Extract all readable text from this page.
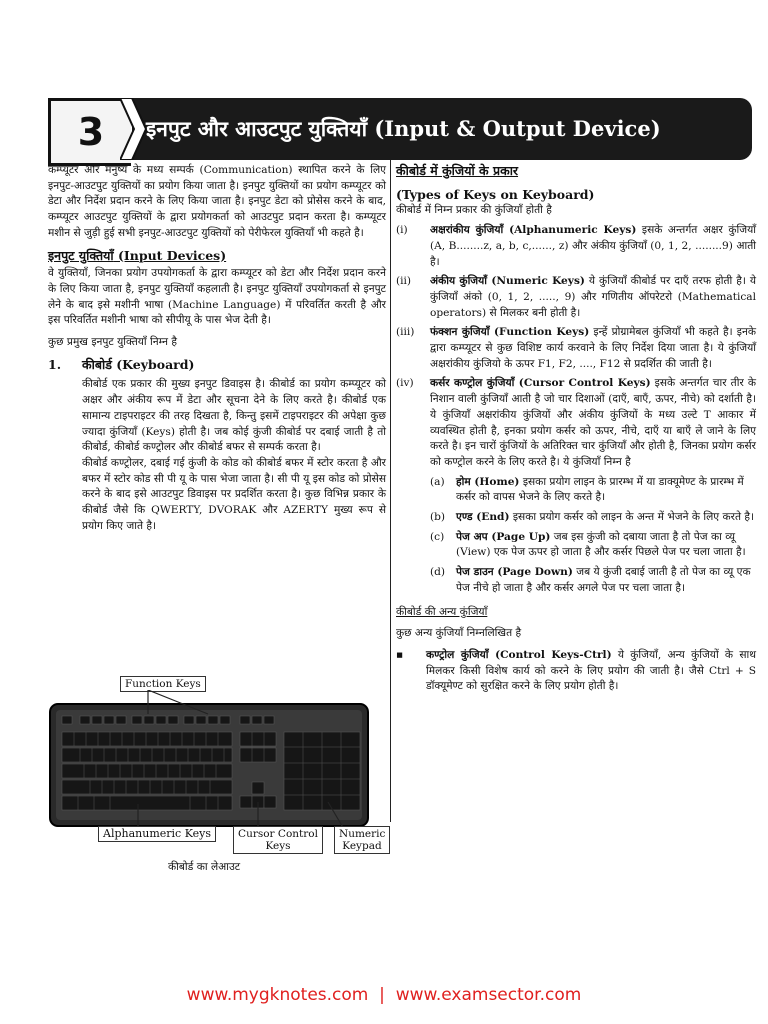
3	इनपुट और आउटपुट युक्तियाँ (Input & Output Device)

कम्प्यूटर और मनुष्य के मध्य सम्पर्क (Communication) स्थापित करने के लिए इनपुट-आउटपुट युक्तियों का प्रयोग किया जाता है। इनपुट युक्तियों का प्रयोग कम्प्यूटर को डेटा और निर्देश प्रदान करने के लिए किया जाता है। इनपुट डेटा को प्रोसेस करने के बाद, कम्प्यूटर आउटपुट युक्तियों के द्वारा प्रयोगकर्ता को आउटपुट प्रदान करता है। कम्प्यूटर मशीन से जुड़ी हुई सभी इनपुट-आउटपुट युक्तियों को पेरीफेरल युक्तियाँ भी कहते है।

इनपुट युक्तियाँ (Input Devices)

वे युक्तियाँ, जिनका प्रयोग उपयोगकर्ता के द्वारा कम्प्यूटर को डेटा और निर्देश प्रदान करने के लिए किया जाता है, इनपुट युक्तियाँ कहलाती है। इनपुट युक्तियाँ उपयोगकर्ता से इनपुट लेने के बाद इसे मशीनी भाषा (Machine Language) में परिवर्तित करती है और इस परिवर्तित मशीनी भाषा को सीपीयू के पास भेज देती है।

कुछ प्रमुख इनपुट युक्तियाँ निम्न है

1.	कीबोर्ड (Keyboard)

कीबोर्ड एक प्रकार की मुख्य इनपुट डिवाइस है। कीबोर्ड का प्रयोग कम्प्यूटर को अक्षर और अंकीय रूप में डेटा और सूचना देने के लिए करते है। कीबोर्ड एक सामान्य टाइपराइटर की तरह दिखता है, किन्तु इसमें टाइपराइटर की अपेक्षा कुछ ज्यादा कुंजियाँ (Keys) होती है। जब कोई कुंजी कीबोर्ड पर दबाई जाती है तो कीबोर्ड, कीबोर्ड कण्ट्रोलर और कीबोर्ड बफर से सम्पर्क करता है।

कीबोर्ड कण्ट्रोलर, दबाई गई कुंजी के कोड को कीबोर्ड बफर में स्टोर करता है और बफर में स्टोर कोड सी पी यू के पास भेजा जाता है। सी पी यू इस कोड को प्रोसेस करने के बाद इसे आउटपुट डिवाइस पर प्रदर्शित करता है। कुछ विभिन्न प्रकार के कीबोर्ड जैसे कि QWERTY, DVORAK और AZERTY मुख्य रूप से प्रयोग किए जाते है।

Function Keys
Alphanumeric Keys	Cursor Control Keys
Numeric Keypad
कीबोर्ड का लेआउट
कीबोर्ड में कुंजियों के प्रकार
(Types of Keys on Keyboard)

कीबोर्ड में निम्न प्रकार की कुंजियाँ होती है

(i)	अक्षरांकीय कुंजियाँ (Alphanumeric Keys) इसके अन्तर्गत अक्षर कुंजियाँ (A, B........z, a, b, c,......, z) और अंकीय कुंजियाँ (0, 1, 2, ........9) आती है।
(ii)	अंकीय कुंजियाँ (Numeric Keys) ये कुंजियाँ कीबोर्ड पर दाएँ तरफ होती है। ये कुंजियाँ अंको (0, 1, 2, ....., 9) और गणितीय ऑपरेटरो (Mathematical operators) से मिलकर बनी होती है।
(iii)	फंक्शन कुंजियाँ (Function Keys) इन्हें प्रोग्रामेबल कुंजियाँ भी कहते है। इनके द्वारा कम्प्यूटर से कुछ विशिष्ट कार्य करवाने के लिए निर्देश दिया जाता है। ये कुंजियाँ अक्षरांकीय कुंजियो के ऊपर F1, F2, ...., F12 से प्रदर्शित की जाती है।
(iv)	कर्सर कण्ट्रोल कुंजियाँ (Cursor Control Keys) इसके अन्तर्गत चार तीर के निशान वाली कुंजियाँ आती है जो चार दिशाओं (दाएँ, बाएँ, ऊपर, नीचे) को दर्शाती है। ये कुंजियाँ अक्षरांकीय कुंजियों और अंकीय कुंजियों के मध्य उल्टे T आकार में व्यवस्थित होती है, इनका प्रयोग कर्सर को ऊपर, नीचे, दाएँ या बाएँ ले जाने के लिए करते है। इन चारों कुंजियों के अतिरिक्त चार कुंजियाँ और होती है, जिनका प्रयोग कर्सर को कण्ट्रोल करने के लिए करते है। ये कुंजियाँ निम्न है
(a)	होम (Home) इसका प्रयोग लाइन के प्रारम्भ में या डाक्यूमेण्ट के प्रारम्भ में कर्सर को वापस भेजने के लिए करते है।
(b)	एण्ड (End) इसका प्रयोग कर्सर को लाइन के अन्त में भेजने के लिए करते है।
(c)	पेज अप (Page Up) जब इस कुंजी को दबाया जाता है तो पेज का व्यू (View) एक पेज ऊपर हो जाता है और कर्सर पिछले पेज पर चला जाता है।
(d)	पेज डाउन (Page Down) जब ये कुंजी दबाई जाती है तो पेज का व्यू एक पेज नीचे हो जाता है और कर्सर अगले पेज पर चला जाता है।

कीबोर्ड की अन्य कुंजियाँ

कुछ अन्य कुंजियाँ निम्नलिखित है

▪	कण्ट्रोल कुंजियाँ (Control Keys-Ctrl) ये कुंजियाँ, अन्य कुंजियों के साथ मिलकर किसी विशेष कार्य को करने के लिए प्रयोग की जाती है। जैसे Ctrl + S डॉक्यूमेण्ट को सुरक्षित करने के लिए प्रयोग होती है।
www.mygknotes.com  |  www.examsector.com
